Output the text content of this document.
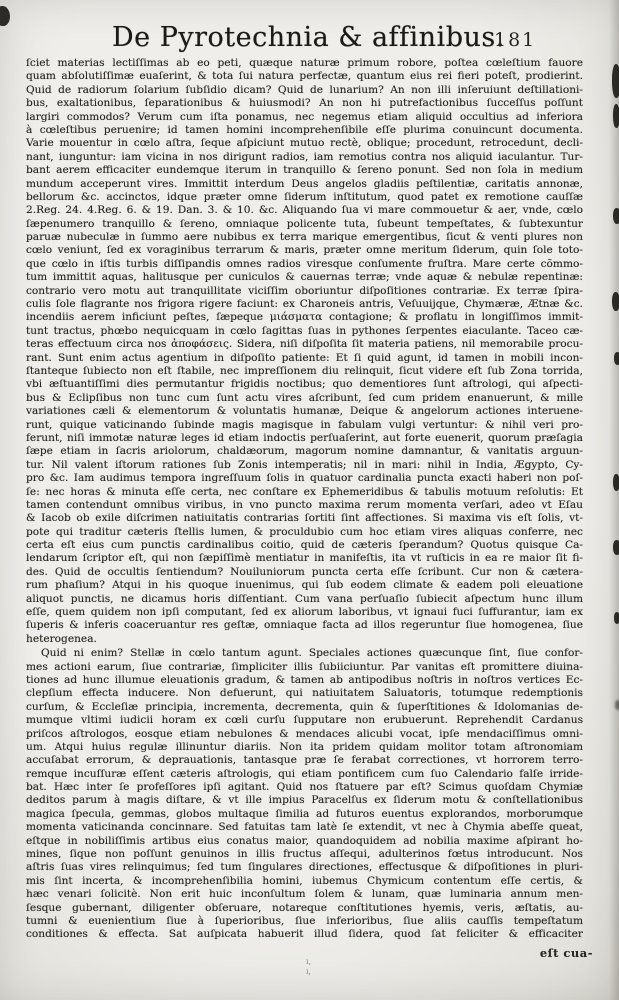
De Pyrotechnia & affinibus.
181
ſciet materias lectiſſimas ab eo peti, quæque naturæ primum robore, poſtea cœleſtium fauore
quam abſolutiſſimæ euaſerint, & tota ſui natura perfectæ, quantum eius rei fieri poteſt, prodierint.
Quid de radiorum ſolarium ſubſidio dicam? Quid de lunarium? An non illi inſeruiunt deſtillationi-
bus, exaltationibus, ſeparationibus & huiusmodi? An non hi putrefactionibus ſucceſſus poſſunt
largiri commodos? Verum cum iſta ponamus, nec negemus etiam aliquid occultius ad inferiora
à cœleſtibus peruenire; id tamen homini incomprehenſibile eſſe plurima conuincunt documenta.
Varie mouentur in cœlo aſtra, ſeque aſpiciunt mutuo rectè, oblique; procedunt, retrocedunt, decli-
nant, iunguntur: iam vicina in nos dirigunt radios, iam remotius contra nos aliquid iaculantur. Tur-
bant aerem efficaciter eundemque iterum in tranquillo & ſereno ponunt. Sed non ſola in medium
mundum acceperunt vires. Immittit interdum Deus angelos gladiis peſtilentiæ, caritatis annonæ,
bellorum &c. accinctos, idque præter omne ſiderum inſtitutum, quod patet ex remotione cauſſæ
2.Reg. 24. 4.Reg. 6. & 19. Dan. 3. & 10. &c. Aliquando ſua vi mare commouetur & aer, vnde, cœlo
ſæpenumero tranquillo & ſereno, omniaque policente tuta, ſubeunt tempeſtates, & ſubtexuntur
paruæ nubeculæ in ſummo aere nubibus ex terra marique emergentibus, ſicut & venti plures non
cœlo veniunt, ſed ex voraginibus terrarum & maris, præter omne meritum ſiderum, quin ſole toto-
que cœlo in iſtis turbis diſſipandis omnes radios viresque conſumente fruſtra. Mare certe cõmmo-
tum immittit aquas, halitusque per cuniculos & cauernas terræ; vnde aquæ & nebulæ repentinæ:
contrario vero motu aut tranquillitate viciſſim oboriuntur diſpoſitiones contrariæ. Ex terræ ſpira-
culis ſole flagrante nos frigora rigere faciunt: ex Charoneis antris, Veſuuijque, Chymæræ, Ætnæ &c.
incendiis aerem inficiunt peſtes, ſæpeque μιάσματα contagione; & proflatu in longiſſimos immit-
tunt tractus, phœbo nequicquam in cœlo ſagittas ſuas in pythones ſerpentes eiaculante. Taceo cæ-
teras effectuum circa nos ἀποφάσεις. Sidera, niſi diſpoſita ſit materia patiens, nil memorabile procu-
rant. Sunt enim actus agentium in diſpoſito patiente: Et ſi quid agunt, id tamen in mobili incon-
ſtanteque ſubiecto non eſt ſtabile, nec impreſſionem diu relinquit, ſicut videre eſt ſub Zona torrida,
vbi æſtuantiſſimi dies permutantur frigidis noctibus; quo dementiores ſunt aſtrologi, qui aſpecti-
bus & Eclipſibus non tunc cum ſunt actu vires aſcribunt, ſed cum pridem enanuerunt, & mille
variationes cæli & elementorum & voluntatis humanæ, Deique & angelorum actiones interuene-
runt, quique vaticinando ſubinde magis magisque in fabulam vulgi vertuntur: & nihil veri pro-
ferunt, niſi immotæ naturæ leges id etiam indoctis perſuaſerint, aut forte euenerit, quorum præſagia
ſæpe etiam in ſacris ariolorum, chaldæorum, magorum nomine damnantur, & vanitatis arguun-
tur. Nil valent iſtorum rationes ſub Zonis intemperatis; nil in mari: nihil in India, Ægypto, Cy-
pro &c. Iam audimus tempora ingreſſuum ſolis in quatuor cardinalia puncta exacti haberi non poſ-
ſe: nec horas & minuta eſſe certa, nec conſtare ex Ephemeridibus & tabulis motuum reſolutis: Et
tamen contendunt omnibus viribus, in vno puncto maxima rerum momenta verſari, adeo vt Eſau
& Iacob ob exile diſcrimen natiuitatis contrarias ſortiti ſint affectiones. Si maxima vis eſt ſolis, vt-
pote qui traditur cæteris ſtellis lumen, & proculdubio cum hoc etiam vires aliquas conferre, nec
certa eſt eius cum punctis cardinalibus coitio, quid de cæteris ſperandum? Quotus quisque Ca-
lendarum ſcriptor eſt, qui non ſæpiſſimè mentiatur in manifeſtis, ita vt ruſticis in ea re maior ſit fi-
des. Quid de occultis ſentiendum? Nouiluniorum puncta certa eſſe ſcribunt. Cur non & cætera-
rum phaſium? Atqui in his quoque inuenimus, qui ſub eodem climate & eadem poli eleuatione
aliquot punctis, ne dicamus horis diſſentiant. Cum vana perſuaſio ſubiecit aſpectum hunc illum
eſſe, quem quidem non ipſi computant, ſed ex aliorum laboribus, vt ignaui fuci ſuffurantur, iam ex
ſuperis & inferis coaceruantur res geſtæ, omniaque facta ad illos regeruntur ſiue homogenea, ſiue
heterogenea.
Quid ni enim? Stellæ in cœlo tantum agunt. Speciales actiones quæcunque ſint, ſiue confor-
mes actioni earum, ſiue contrariæ, ſimpliciter illis ſubiiciuntur. Par vanitas eſt promittere diuina-
tiones ad hunc illumue eleuationis gradum, & tamen ab antipodibus noſtris in noſtros vertices Ec-
clepſium effecta inducere. Non defuerunt, qui natiuitatem Saluatoris, totumque redemptionis
curſum, & Eccleſiæ principia, incrementa, decrementa, quin & ſuperſtitiones & Idolomanias de-
mumque vltimi iudicii horam ex cœli curſu ſupputare non erubuerunt. Reprehendit Cardanus
priſcos aſtrologos, eosque etiam nebulones & mendaces alicubi vocat, ipſe mendaciſſimus omni-
um. Atqui huius regulæ illinuntur diariis. Non ita pridem quidam molitor totam aſtronomiam
accuſabat errorum, & deprauationis, tantasque præ ſe ferabat correctiones, vt horrorem terro-
remque incuſſuræ eſſent cæteris aſtrologis, qui etiam pontificem cum ſuo Calendario falſe irride-
bat. Hæc inter ſe profeſſores ipſi agitant. Quid nos ſtatuere par eſt? Scimus quoſdam Chymiæ
deditos parum à magis diſtare, & vt ille impius Paracelſus ex ſiderum motu & conſtellationibus
magica ſpecula, gemmas, globos multaque ſimilia ad futuros euentus explorandos, morborumque
momenta vaticinanda concinnare. Sed fatuitas tam latè ſe extendit, vt nec à Chymia abeſſe queat,
eſtque in nobiliſſimis artibus eius conatus maior, quandoquidem ad nobilia maxime aſpirant ho-
mines, ſique non poſſunt genuinos in illis fructus aſſequi, adulterinos fœtus introducunt. Nos
aſtris ſuas vires relinquimus; ſed tum ſingulares directiones, effectusque & diſpoſitiones in pluri-
mis ſint incerta, & incomprehenſibilia homini, iubemus Chymicum contentum eſſe certis, &
hæc venari ſolicitè. Non erit huic inconſultum ſolem & lunam, quæ luminaria annum men-
ſesque gubernant, diligenter obſeruare, notareque conſtitutiones hyemis, veris, æſtatis, au-
tumni & euenientium ſiue à ſuperioribus, ſiue inferioribus, ſiue aliis cauſſis tempeſtatum
conditiones & effecta. Sat auſpicata habuerit illud ſidera, quod ſat feliciter & efficaciter
eſt cua-
ı,
ı,
